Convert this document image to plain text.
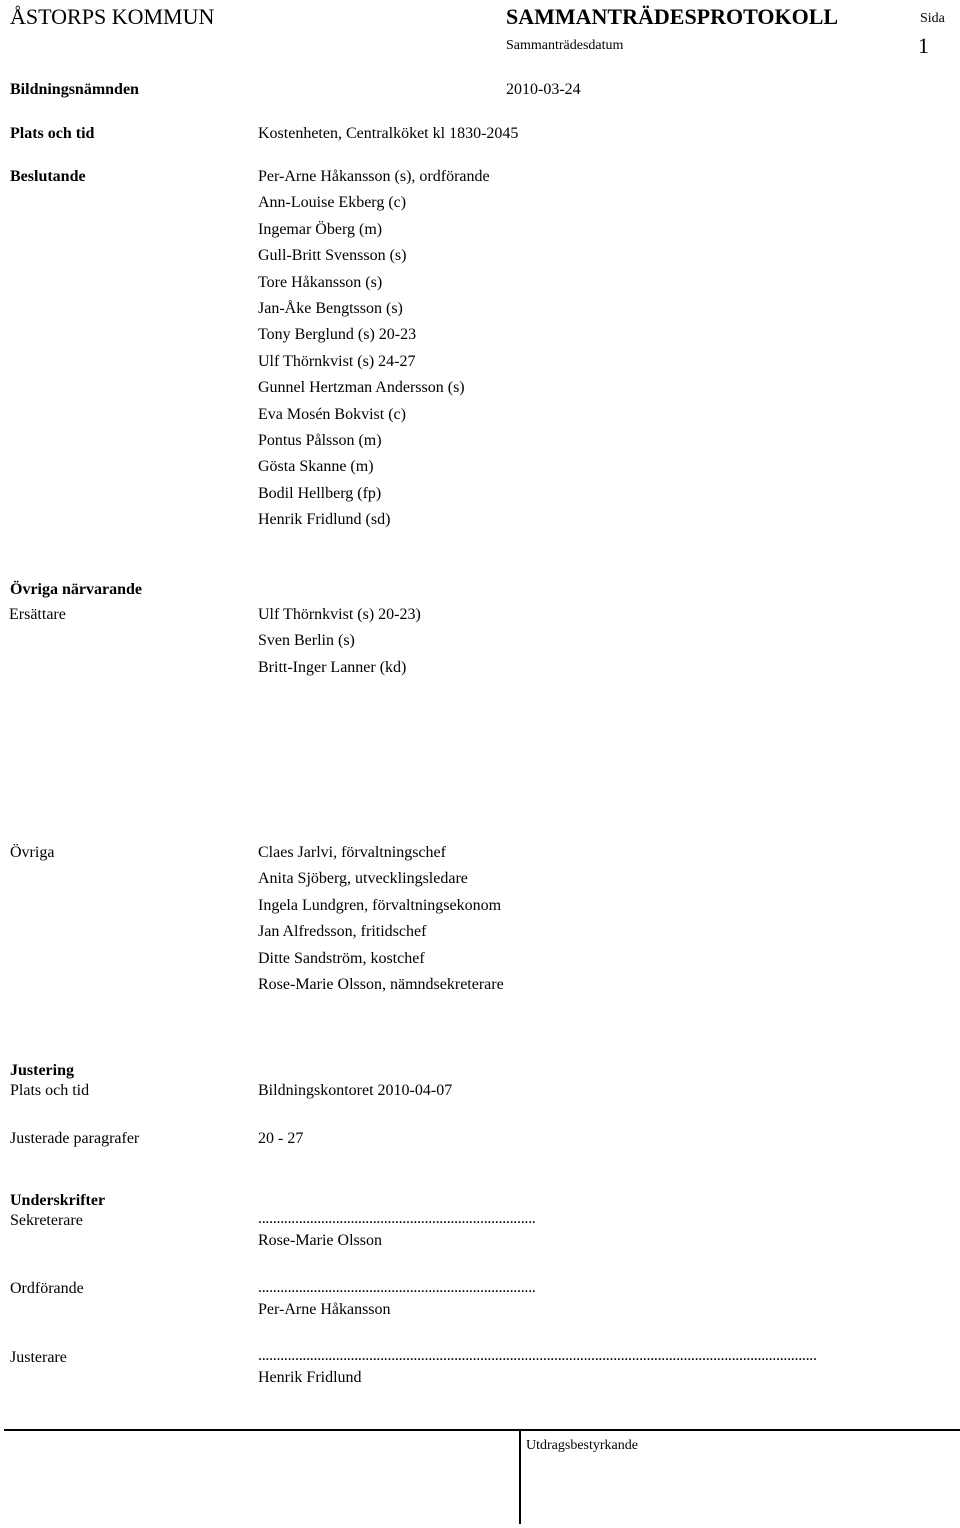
ÅSTORPS KOMMUN	SAMMANTRÄDESPROTOKOLL	Sida
Sammanträdesdatum	1
Bildningsnämnden	2010-03-24
Plats och tid	Kostenheten, Centralköket kl 1830-2045
Beslutande	Per-Arne Håkansson (s), ordförande
Ann-Louise Ekberg (c)
Ingemar Öberg (m)
Gull-Britt Svensson (s)
Tore Håkansson (s)
Jan-Åke Bengtsson (s)
Tony Berglund (s) 20-23
Ulf Thörnkvist (s) 24-27
Gunnel Hertzman Andersson (s)
Eva Mosén Bokvist (c)
Pontus Pålsson (m)
Gösta Skanne (m)
Bodil Hellberg (fp)
Henrik Fridlund (sd)
Övriga närvarande
Ersättare	Ulf Thörnkvist (s) 20-23)
Sven Berlin (s)
Britt-Inger Lanner (kd)
Övriga	Claes Jarlvi, förvaltningschef
Anita Sjöberg, utvecklingsledare
Ingela Lundgren, förvaltningsekonom
Jan Alfredsson, fritidschef
Ditte Sandström, kostchef
Rose-Marie Olsson, nämndsekreterare
Justering
Plats och tid	Bildningskontoret 2010-04-07
Justerade paragrafer	20 - 27
Underskrifter
Sekreterare	...........................................................................
Rose-Marie Olsson
Ordförande	...........................................................................
Per-Arne Håkansson
Justerare	.......................................................................................................................................................
Henrik Fridlund
Utdragsbestyrkande
